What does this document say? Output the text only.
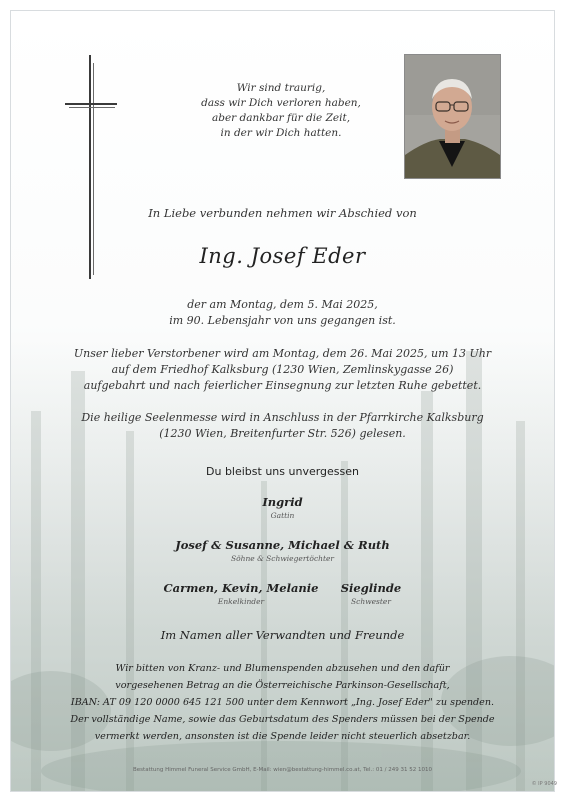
Wir sind traurig,
dass wir Dich verloren haben,
aber dankbar für die Zeit,
in der wir Dich hatten.
In Liebe verbunden nehmen wir Abschied von
Ing. Josef Eder
der am Montag, dem 5. Mai 2025,
im 90. Lebensjahr von uns gegangen ist.
Unser lieber Verstorbener wird am Montag, dem 26. Mai 2025, um 13 Uhr
auf dem Friedhof Kalksburg (1230 Wien, Zemlinskygasse 26)
aufgebahrt und nach feierlicher Einsegnung zur letzten Ruhe gebettet.
Die heilige Seelenmesse wird in Anschluss in der Pfarrkirche Kalksburg
(1230 Wien, Breitenfurter Str. 526) gelesen.
Du bleibst uns unvergessen
Ingrid
Gattin
Josef & Susanne, Michael & Ruth
Söhne & Schwiegertöchter
Carmen, Kevin, Melanie
Enkelkinder
Sieglinde
Schwester
Im Namen aller Verwandten und Freunde
Wir bitten von Kranz- und Blumenspenden abzusehen und den dafür
vorgesehenen Betrag an die Österreichische Parkinson-Gesellschaft,
IBAN: AT 09 120 0000 645 121 500 unter dem Kennwort „Ing. Josef Eder" zu spenden.
Der vollständige Name, sowie das Geburtsdatum des Spenders müssen bei der Spende
vermerkt werden, ansonsten ist die Spende leider nicht steuerlich absetzbar.
Bestattung Himmel Funeral Service GmbH, E-Mail: wien@bestattung-himmel.co.at, Tel.: 01 / 249 31 52 1010
© IP 9049
